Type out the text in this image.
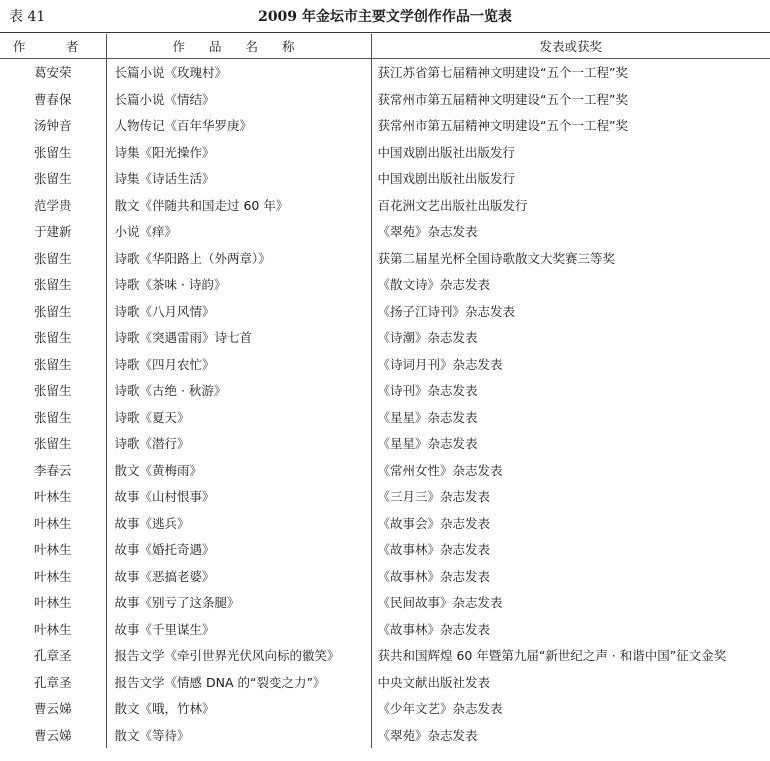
表 41	2009 年金坛市主要文学创作作品一览表
作　者	作 品 名 称	发表或获奖
葛安荣	长篇小说《玫瑰村》	获江苏省第七届精神文明建设“五个一工程”奖
曹春保	长篇小说《情结》	获常州市第五届精神文明建设“五个一工程”奖
汤钟音	人物传记《百年华罗庚》	获常州市第五届精神文明建设“五个一工程”奖
张留生	诗集《阳光操作》	中国戏剧出版社出版发行
张留生	诗集《诗话生活》	中国戏剧出版社出版发行
范学贵	散文《伴随共和国走过 60 年》	百花洲文艺出版社出版发行
于建新	小说《痒》	《翠苑》杂志发表
张留生	诗歌《华阳路上（外两章）》	获第二届星光杯全国诗歌散文大奖赛三等奖
张留生	诗歌《茶味 · 诗韵》	《散文诗》杂志发表
张留生	诗歌《八月风情》	《扬子江诗刊》杂志发表
张留生	诗歌《突遇雷雨》诗七首	《诗潮》杂志发表
张留生	诗歌《四月农忙》	《诗词月刊》杂志发表
张留生	诗歌《古绝 · 秋游》	《诗刊》杂志发表
张留生	诗歌《夏天》	《星星》杂志发表
张留生	诗歌《潜行》	《星星》杂志发表
李春云	散文《黄梅雨》	《常州女性》杂志发表
叶林生	故事《山村恨事》	《三月三》杂志发表
叶林生	故事《逃兵》	《故事会》杂志发表
叶林生	故事《婚托奇遇》	《故事林》杂志发表
叶林生	故事《恶搞老婆》	《故事林》杂志发表
叶林生	故事《别亏了这条腿》	《民间故事》杂志发表
叶林生	故事《千里谋生》	《故事林》杂志发表
孔章圣	报告文学《牵引世界光伏风向标的徽笑》	获共和国辉煌 60 年暨第九届“新世纪之声 · 和谐中国”征文金奖
孔章圣	报告文学《情感 DNA 的“裂变之力”》	中央文献出版社发表
曹云娣	散文《哦，竹林》	《少年文艺》杂志发表
曹云娣	散文《等待》	《翠苑》杂志发表
